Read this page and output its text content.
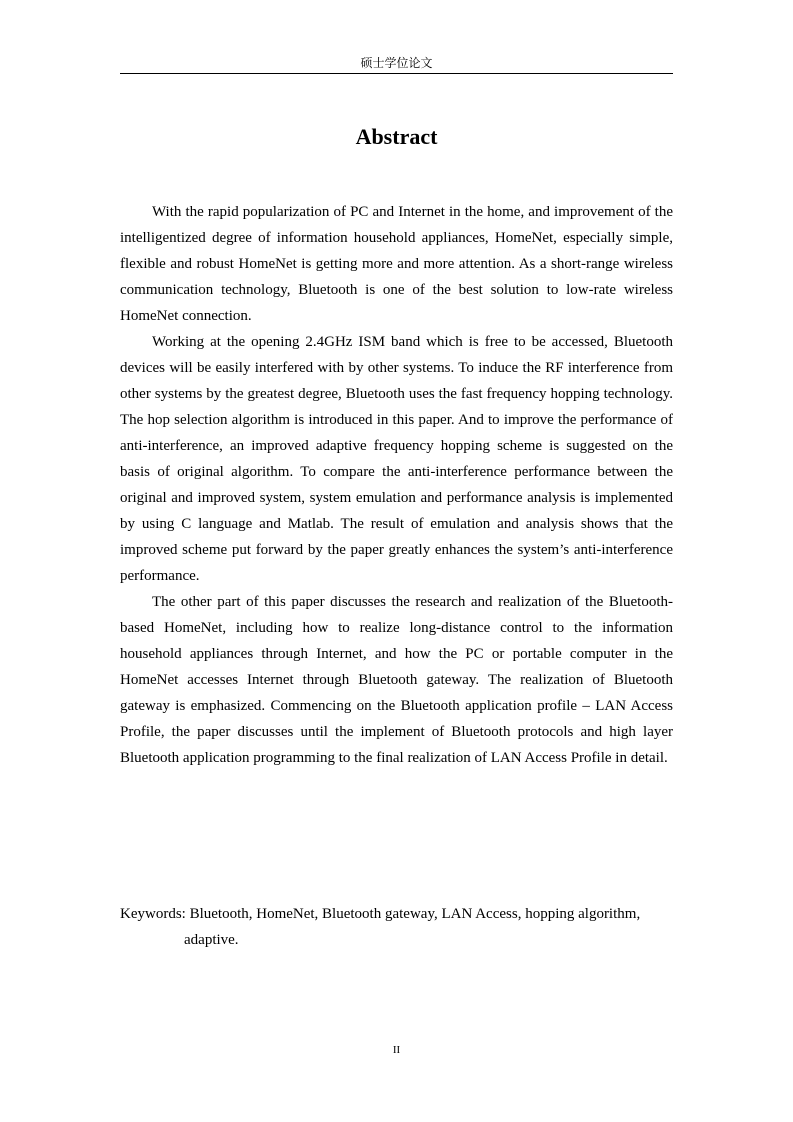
硕士学位论文
Abstract

With the rapid popularization of PC and Internet in the home, and improvement of the intelligentized degree of information household appliances, HomeNet, especially simple, flexible and robust HomeNet is getting more and more attention. As a short-range wireless communication technology, Bluetooth is one of the best solution to low-rate wireless HomeNet connection.

Working at the opening 2.4GHz ISM band which is free to be accessed, Bluetooth devices will be easily interfered with by other systems. To induce the RF interference from other systems by the greatest degree, Bluetooth uses the fast frequency hopping technology. The hop selection algorithm is introduced in this paper. And to improve the performance of anti-interference, an improved adaptive frequency hopping scheme is suggested on the basis of original algorithm. To compare the anti-interference performance between the original and improved system, system emulation and performance analysis is implemented by using C language and Matlab. The result of emulation and analysis shows that the improved scheme put forward by the paper greatly enhances the system’s anti-interference performance.

The other part of this paper discusses the research and realization of the Bluetooth-based HomeNet, including how to realize long-distance control to the information household appliances through Internet, and how the PC or portable computer in the HomeNet accesses Internet through Bluetooth gateway. The realization of Bluetooth gateway is emphasized. Commencing on the Bluetooth application profile – LAN Access Profile, the paper discusses until the implement of Bluetooth protocols and high layer Bluetooth application programming to the final realization of LAN Access Profile in detail.

Keywords: Bluetooth, HomeNet, Bluetooth gateway, LAN Access, hopping algorithm, adaptive.

II
